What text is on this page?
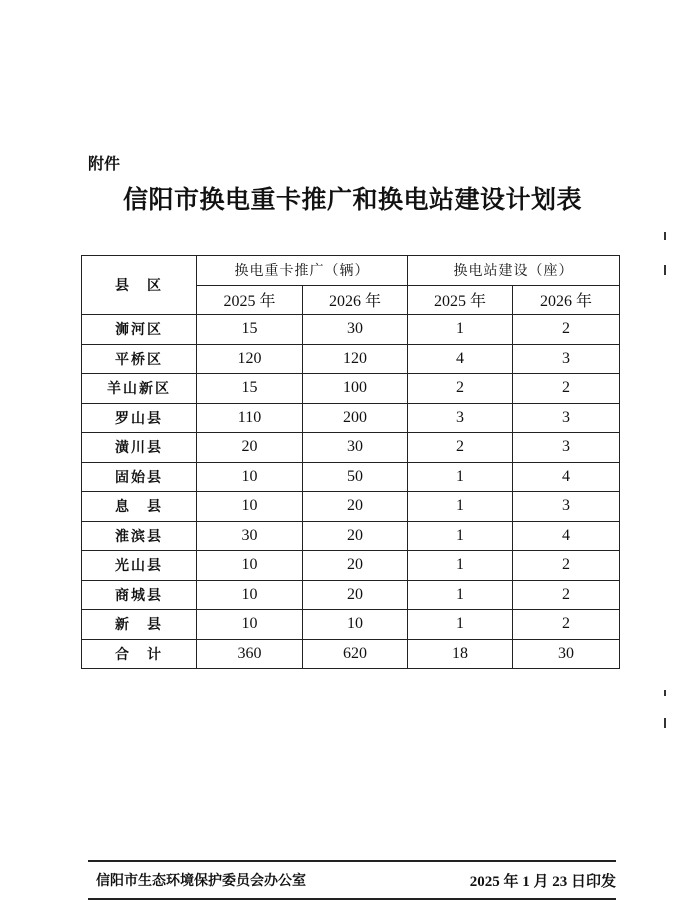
附件
信阳市换电重卡推广和换电站建设计划表
县　区	换电重卡推广（辆）		换电站建设（座）	
	2025 年	2026 年	2025 年	2026 年
浉河区	15	30	1	2
平桥区	120	120	4	3
羊山新区	15	100	2	2
罗山县	110	200	3	3
潢川县	20	30	2	3
固始县	10	50	1	4
息　县	10	20	1	3
淮滨县	30	20	1	4
光山县	10	20	1	2
商城县	10	20	1	2
新　县	10	10	1	2
合　计	360	620	18	30
信阳市生态环境保护委员会办公室	2025 年 1 月 23 日印发
